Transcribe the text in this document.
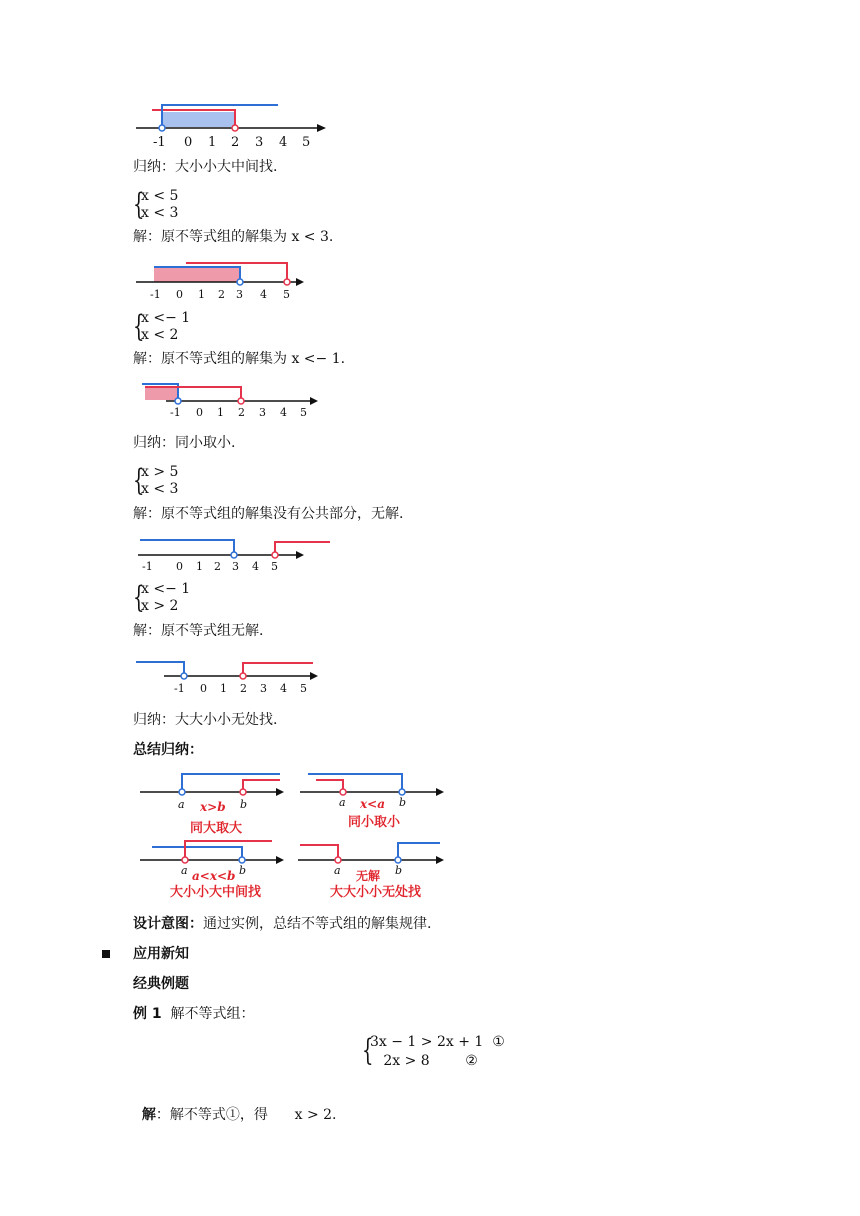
-1 0 1 2 3 4 5
归纳：大小小大中间找.
{
x < 5
x < 3
解：原不等式组的解集为 x < 3.
-1 0 1 2 3 4 5
{
x <− 1
x < 2
解：原不等式组的解集为 x <− 1.
-1 0 1 2 3 4 5
归纳：同小取小.
{
x > 5
x < 3
解：原不等式组的解集没有公共部分，无解.
-1 0 1 2 3 4 5
{
x <− 1
x > 2
解：原不等式组无解.
-1 0 1 2 3 4 5
归纳：大大小小无处找.
总结归纳：
a	b
x>b
同大取大
a	b
x<a
同小取小
a	b
a<x<b
大小小大中间找
a	b
无解
大大小小无处找
设计意图：通过实例，总结不等式组的解集规律.
应用新知
经典例题
例 1 解不等式组：
{
3x − 1 > 2x + 1  ①
2x > 8        ②

解：解不等式①，得      x > 2.
